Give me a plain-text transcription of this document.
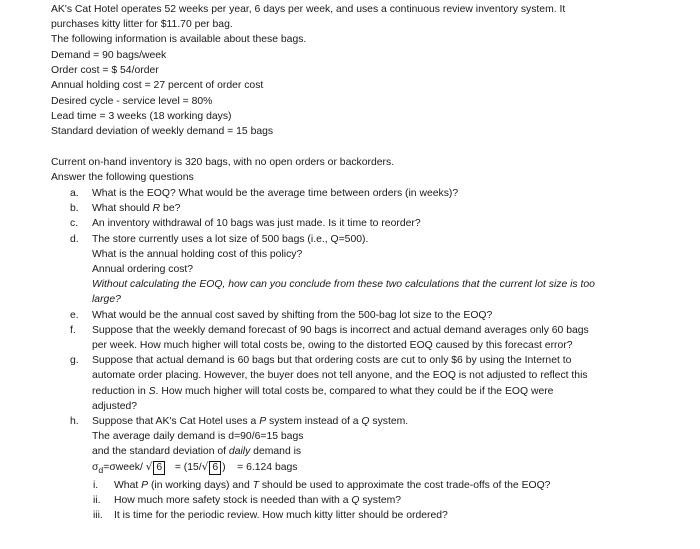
AK's Cat Hotel operates 52 weeks per year, 6 days per week, and uses a continuous review inventory system. It

purchases kitty litter for $11.70 per bag.

The following information is available about these bags.

Demand = 90 bags/week
Order cost = $ 54/order
Annual holding cost = 27 percent of order cost
Desired cycle - service level = 80%
Lead time = 3 weeks (18 working days)
Standard deviation of weekly demand = 15 bags
Current on-hand inventory is 320 bags, with no open orders or backorders.
Answer the following questions
a.	What is the EOQ? What would be the average time between orders (in weeks)?
b.	What should R be?
c.	An inventory withdrawal of 10 bags was just made. Is it time to reorder?
d.	The store currently uses a lot size of 500 bags (i.e., Q=500).
What is the annual holding cost of this policy?
Annual ordering cost?
Without calculating the EOQ, how can you conclude from these two calculations that the current lot size is too
large?
e.	What would be the annual cost saved by shifting from the 500-bag lot size to the EOQ?
f.	Suppose that the weekly demand forecast of 90 bags is incorrect and actual demand averages only 60 bags
per week. How much higher will total costs be, owing to the distorted EOQ caused by this forecast error?
g.	Suppose that actual demand is 60 bags but that ordering costs are cut to only $6 by using the Internet to
automate order placing. However, the buyer does not tell anyone, and the EOQ is not adjusted to reflect this
reduction in S. How much higher will total costs be, compared to what they could be if the EOQ were
adjusted?
h.	Suppose that AK's Cat Hotel uses a P system instead of a Q system.
The average daily demand is d=90/6=15 bags
and the standard deviation of daily demand is
$\sigma_d=\sigma week/$ √ 6   = (15/√ 6 )    = 6.124 bags
i. What P (in working days) and T should be used to approximate the cost trade-offs of the EOQ?
ii. How much more safety stock is needed than with a Q system?
iii. It is time for the periodic review. How much kitty litter should be ordered?
